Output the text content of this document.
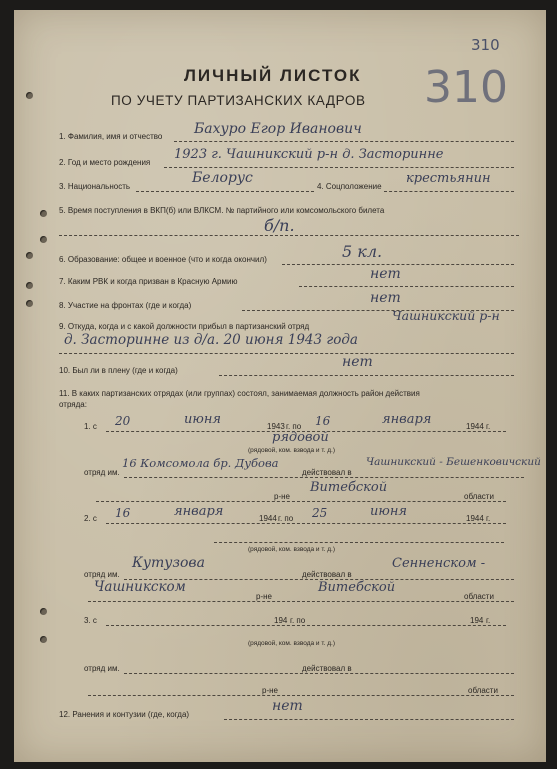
310
310
ЛИЧНЫЙ ЛИСТОК
ПО УЧЕТУ ПАРТИЗАНСКИХ КАДРОВ
1. Фамилия, имя и отчество Бахуро Егор Иванович
2. Год и место рождения
1923 г. Чашникский р-н д. Засторинне
3. Национальность
Белорус
4. Соцположение
крестьянин
5. Время поступления в ВКП(б) или ВЛКСМ. № партийного или комсомольского билета
б/п.
6. Образование: общее и военное (что и когда окончил)	5 кл.
7. Каким РВК и когда призван в Красную Армию	нет
8. Участие на фронтах (где и когда)	нет
9. Откуда, когда и с какой должности прибыл в партизанский отряд
Чашникский р-н
д. Засторинне из д/а. 20 июня 1943 года
10. Был ли в плену (где и когда)
нет
11. В каких партизанских отрядах (или группах) состоял, занимаемая должность район действия
отряда:
1. с 20	июня	1943 г. по 16	января	1944 г.
рядовой
(рядовой, ком. взвода и т. д.)
отряд им.
16 Комсомола бр. Дубова
действовал в
Чашникский - Бешенковичский
р-не
Витебской
области
2. с 16	января	1944 г. по 25	июня	1944 г.
(рядовой, ком. взвода и т. д.)
отряд им.
Кутузова
действовал в
Сенненском -
Чашникском
р-не
Витебской
области
3. с	194 г. по	194 г.
(рядовой, ком. взвода и т. д.)
отряд им.	действовал в
р-не	области
12. Ранения и контузии (где, когда)
нет
